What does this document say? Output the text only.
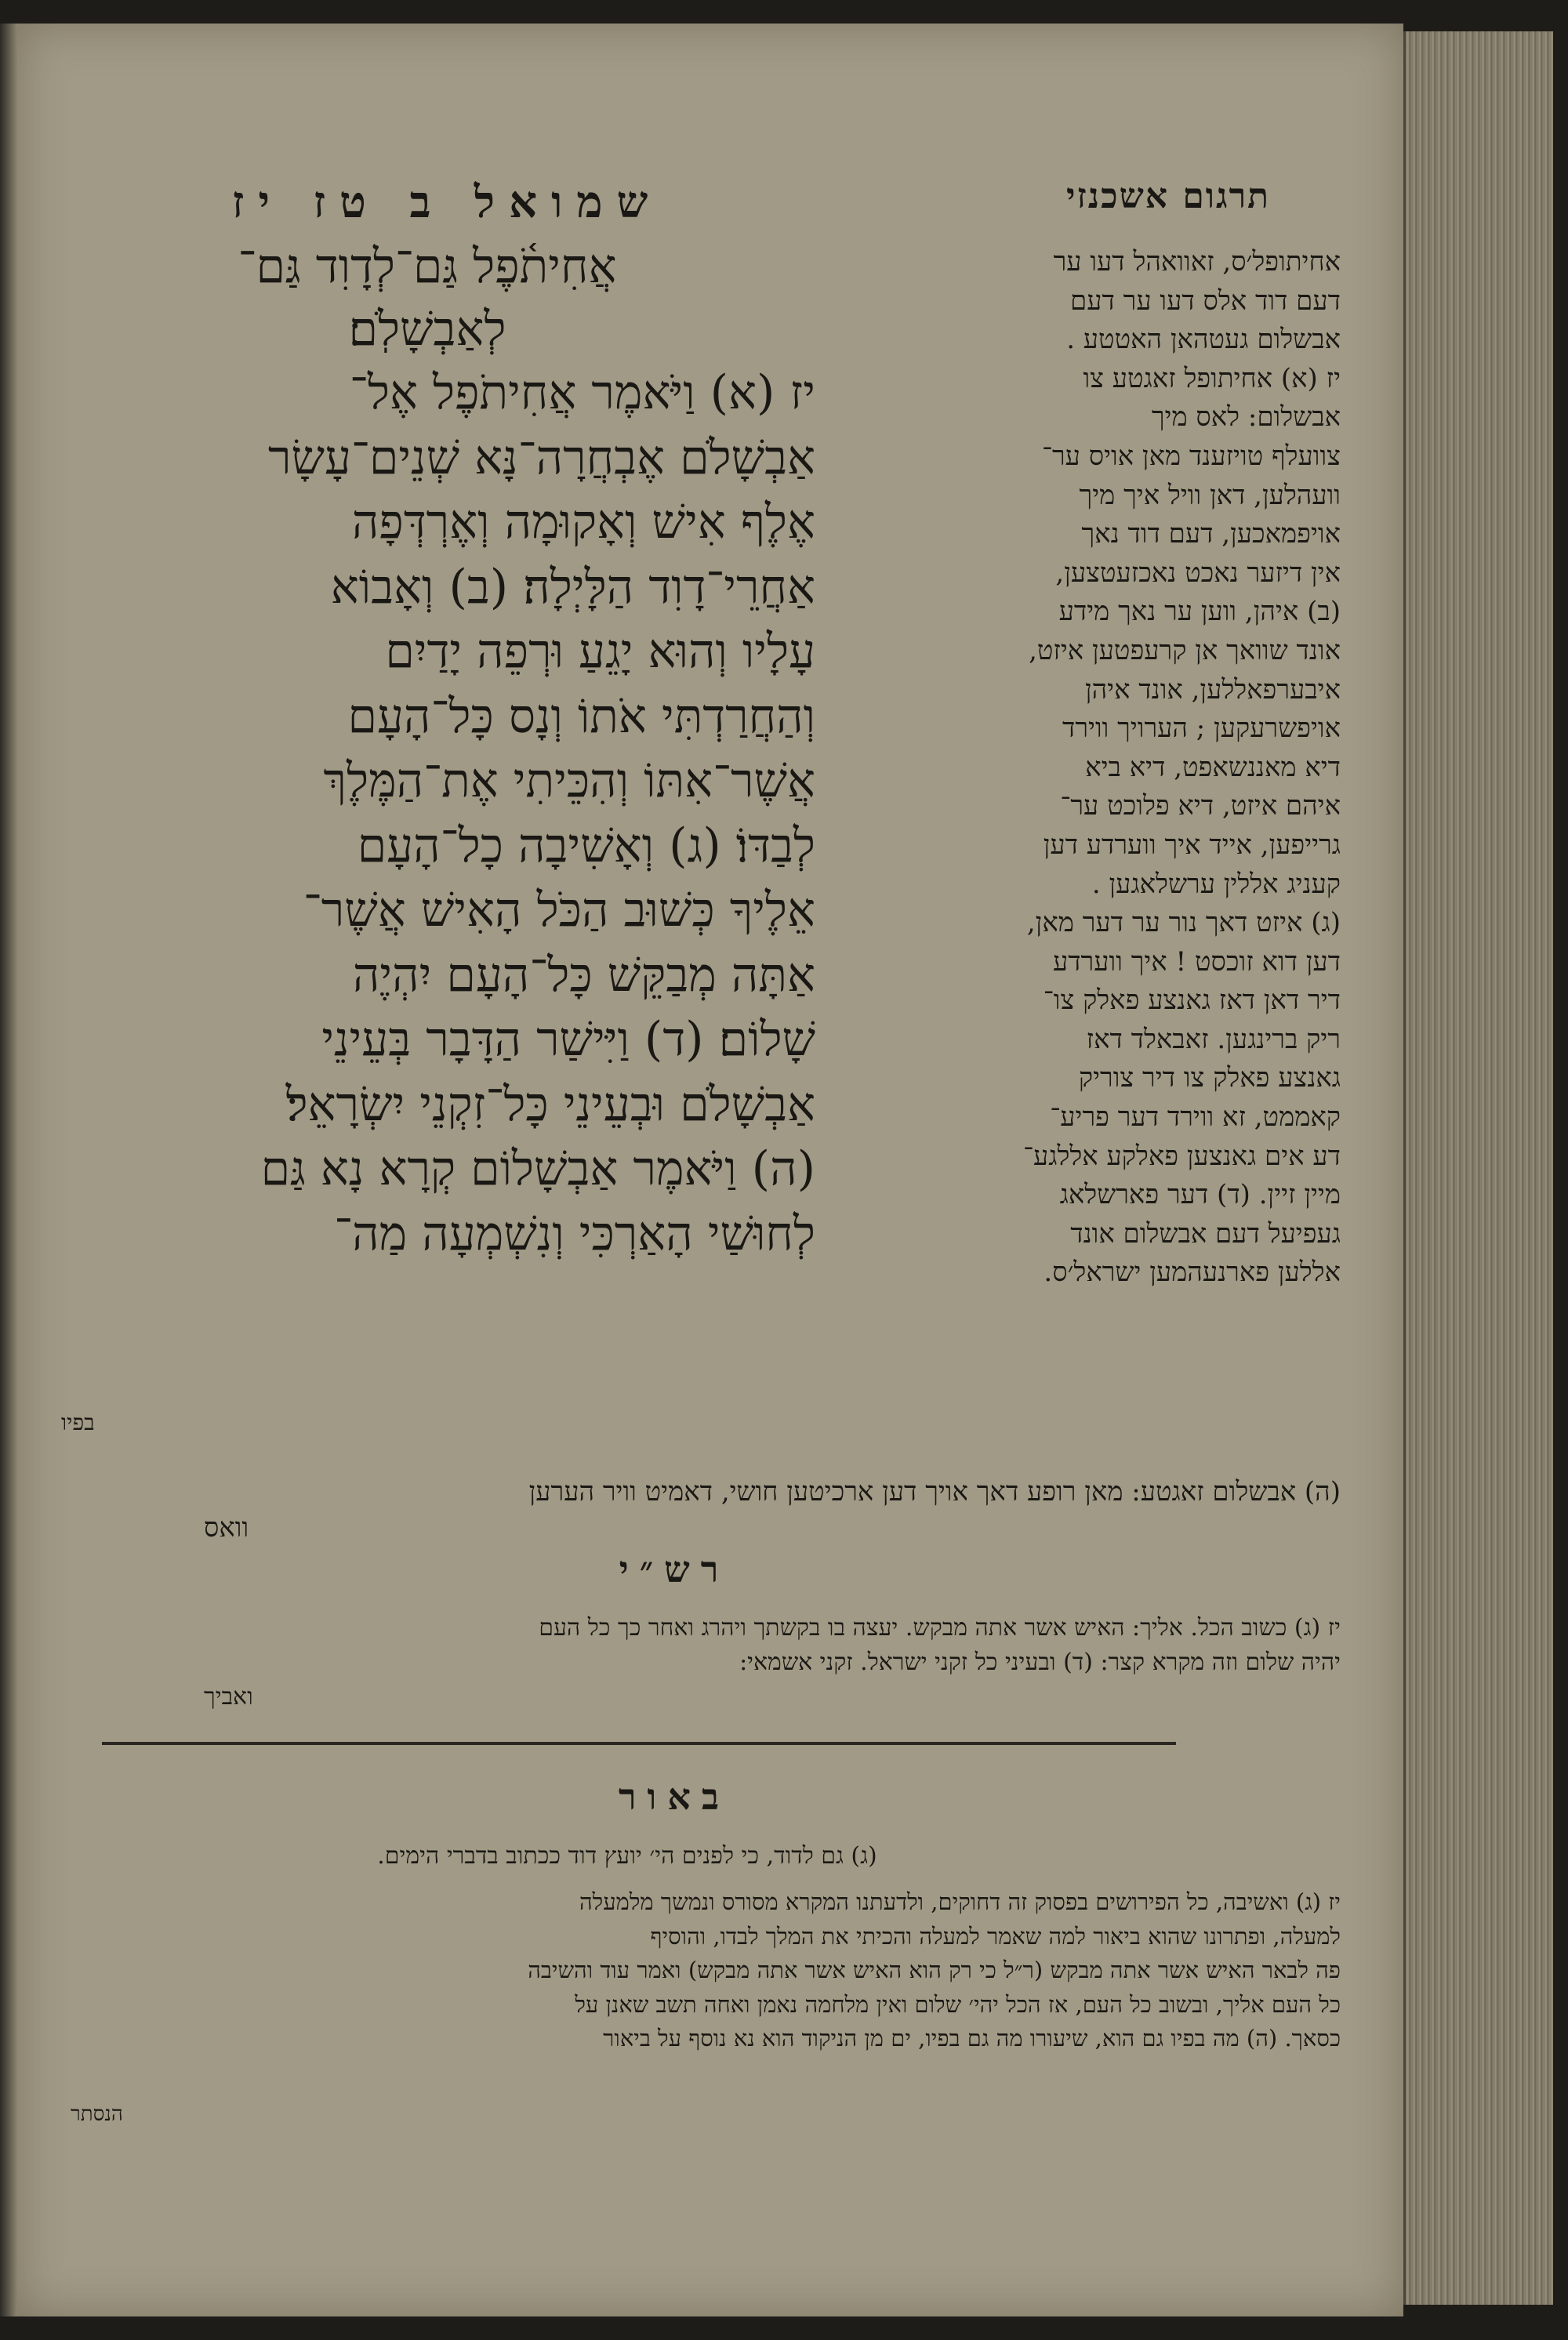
תרגום אשכנזי
שמואל ב טז יז
אחיתופל׳ס, זאוואהל דעו ער
דעם דוד אלס דעו ער דעם
אבשלום געטהאן האטטע .
יז (א) אחיתופל זאגטע צו
אבשלום: לאס מיך
צוועלף טויזענד מאן אויס ער־
וועהלען, דאן וויל איך מיך
אויפמאכען, דעם דוד נאך
אין דיזער נאכט נאכזעטצען,
(ב) איהן, ווען ער נאך מידע
אונד שוואך אן קרעפטען איזט,
איבערפאללען, אונד איהן
אויפשרעקען ; הערויך ווירד
דיא מאננשאפט, דיא ביא
איהם איזט, דיא פלוכט ער־
גרייפען, אייד איך ווערדע דען
קעניג אללין ערשלאגען .
(ג) איזט דאך נור ער דער מאן,
דען דוא זוכסט ! איך ווערדע
דיר דאן דאז גאנצע פאלק צו־
ריק ברינגען. זאבאלד דאז
גאנצע פאלק צו דיר צוריק
קאממט, זא ווירד דער פריע־
דע אים גאנצען פאלקע אללגע־
מיין זיין. (ד) דער פארשלאג
געפיעל דעם אבשלום אונד
אללען פארנעהמען ישראל׳ס.
אֲחִיתֹ֫פֶל גַּם־לְדָוִד גַּם־
לְאַבְשָׁלֹֽם׃
יז (א) וַיֹּאמֶר אֲחִיתֹפֶל אֶל־
אַבְשָׁלֹם אֶבְחֲרָה־נָּא שְׁנֵים־עָשָׂר
אֶלֶף אִישׁ וְאָקוּמָה וְאֶרְדְּפָה
אַחֲרֵי־דָוִד הַלָּיְלָה׃ (ב) וְאָבוֹא
עָלָיו וְהוּא יָגֵעַ וּרְפֵה יָדַיִם
וְהַחֲרַדְתִּי אֹתוֹ וְנָס כָּל־הָעָם
אֲשֶׁר־אִתּוֹ וְהִכֵּיתִי אֶת־הַמֶּלֶךְ
לְבַדּוֹ׃ (ג) וְאָשִׁיבָה כָל־הָעָם
אֵלֶיךָ כְּשׁוּב הַכֹּל הָאִישׁ אֲשֶׁר־
אַתָּה מְבַקֵּשׁ כָּל־הָעָם יִהְיֶה
שָׁלוֹם׃ (ד) וַיִּישַׁר הַדָּבָר בְּעֵינֵי
אַבְשָׁלֹם וּבְעֵינֵי כָּל־זִקְנֵי יִשְׂרָאֵל׃
(ה) וַיֹּאמֶר אַבְשָׁלוֹם קְרָא נָא גַּם
לְחוּשַׁי הָאַרְכִּי וְנִשְׁמְעָה מַה־
בפיו
(ה) אבשלום זאגטע: מאן רופע דאך אויך דען ארכיטען חושי, דאמיט וויר הערען
וואס
רש״י
יז (ג) כשוב הכל. אליך: האיש אשר אתה מבקש. יעצה בו בקשתך ויהרג ואחר כך כל העם
יהיה שלום וזה מקרא קצר: (ד) ובעיני כל זקני ישראל. זקני אשמאי:
ואביך
באור
(ג) גם לדוד, כי לפנים הי׳ יועץ דוד ככתוב בדברי הימים.
יז (ג) ואשיבה, כל הפירושים בפסוק זה דחוקים, ולדעתנו המקרא מסורס ונמשך מלמעלה
למעלה, ופתרונו שהוא ביאור למה שאמר למעלה והכיתי את המלך לבדו, והוסיף
פה לבאר האיש אשר אתה מבקש (ר״ל כי רק הוא האיש אשר אתה מבקש) ואמר עוד והשיבה
כל העם אליך, ובשוב כל העם, אז הכל יהי׳ שלום ואין מלחמה נאמן ואחה תשב שאנן על
כסאך. (ה) מה בפיו גם הוא, שיעורו מה גם בפיו, ים מן הניקוד הוא נא נוסף על ביאור
הנסתר
